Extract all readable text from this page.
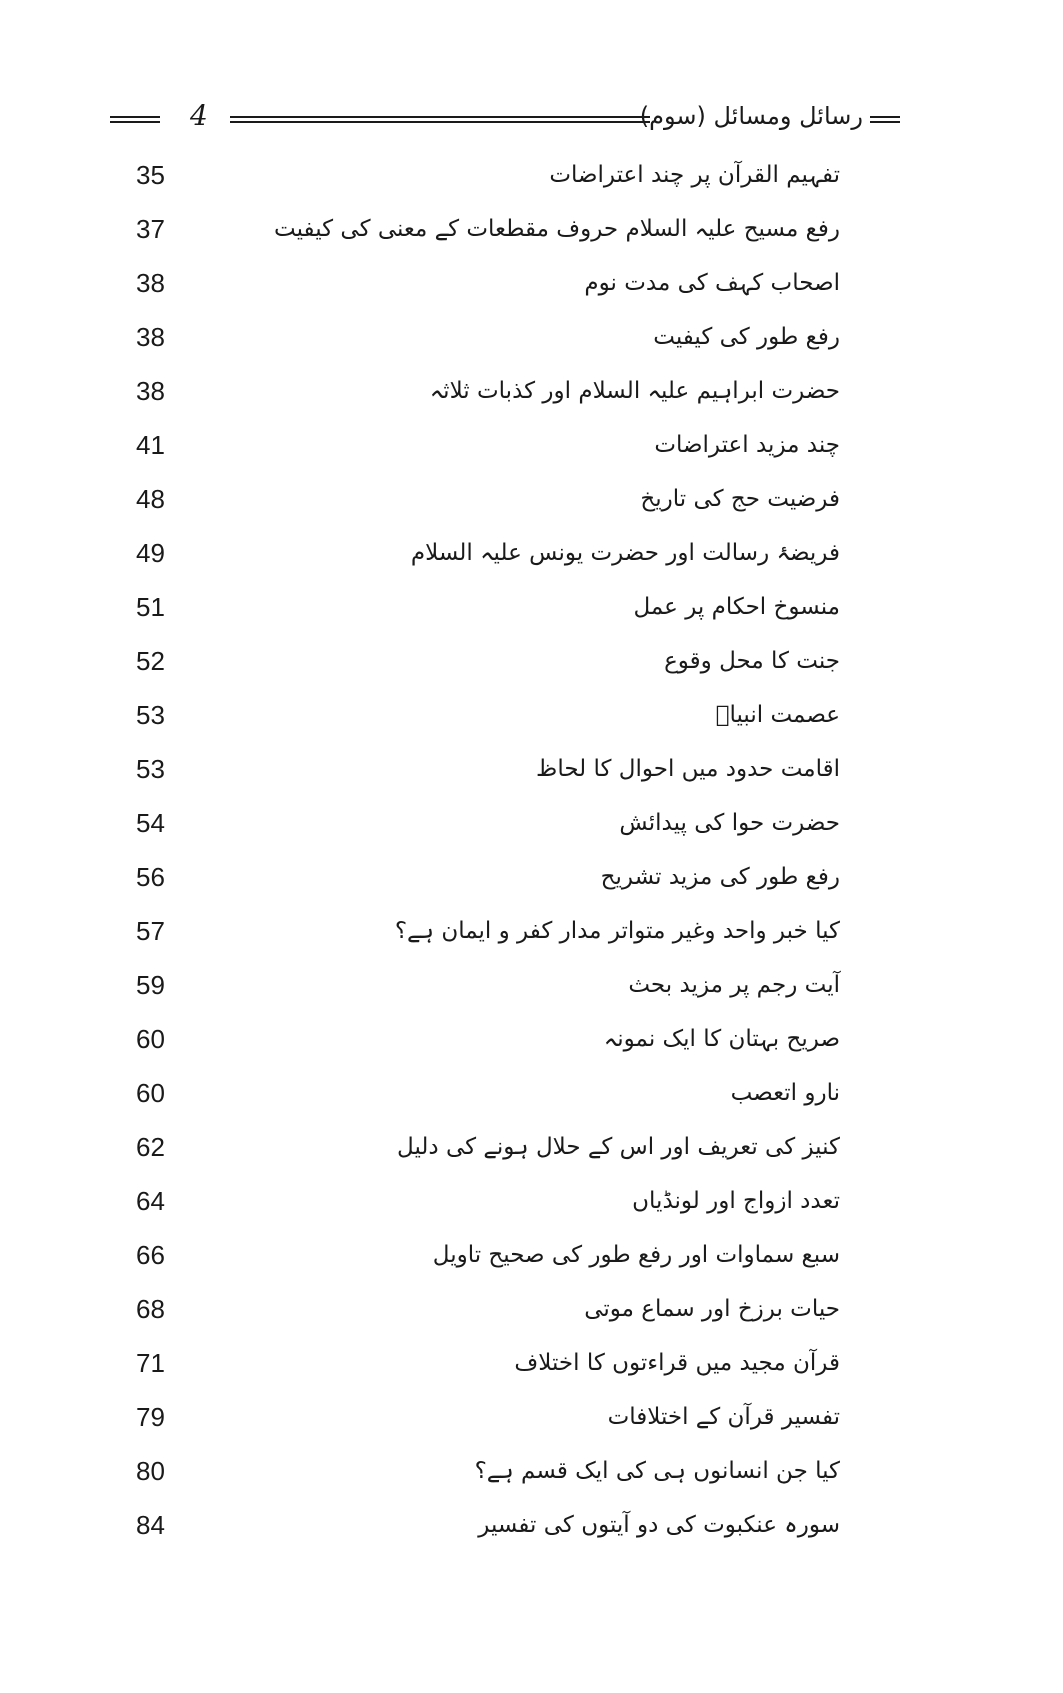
4	رسائل ومسائل (سوم)
تفہیم القرآن پر چند اعتراضات
35
رفع مسیح علیہ السلام حروف مقطعات کے معنی کی کیفیت
37
اصحاب کہف کی مدت نوم
38
رفع طور کی کیفیت
38
حضرت ابراہیم علیہ السلام اور کذبات ثلاثہ
38
چند مزید اعتراضات
41
فرضیت حج کی تاریخ
48
فریضۂ رسالت اور حضرت یونس علیہ السلام
49
منسوخ احکام پر عمل
51
جنت کا محل وقوع
52
عصمت انبیاؑ
53
اقامت حدود میں احوال کا لحاظ
53
حضرت حوا کی پیدائش
54
رفع طور کی مزید تشریح
56
کیا خبر واحد وغیر متواتر مدار کفر و ایمان ہے؟
57
آیت رجم پر مزید بحث
59
صریح بہتان کا ایک نمونہ
60
نارو اتعصب
60
کنیز کی تعریف اور اس کے حلال ہونے کی دلیل
62
تعدد ازواج اور لونڈیاں
64
سبع سماوات اور رفع طور کی صحیح تاویل
66
حیات برزخ اور سماع موتی
68
قرآن مجید میں قراءتوں کا اختلاف
71
تفسیر قرآن کے اختلافات
79
کیا جن انسانوں ہی کی ایک قسم ہے؟
80
سورہ عنکبوت کی دو آیتوں کی تفسیر
84
